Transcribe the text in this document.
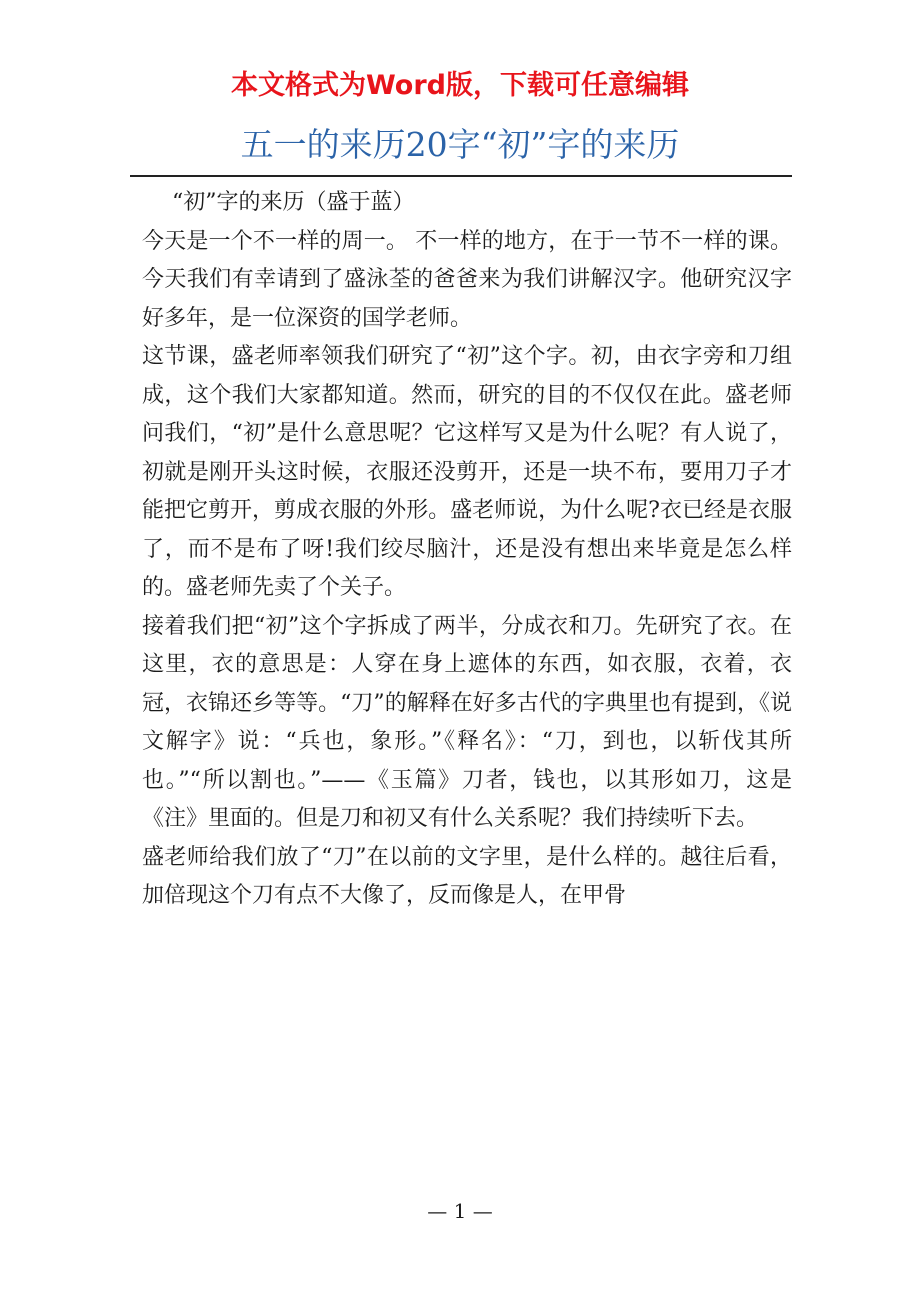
本文格式为Word版，下载可任意编辑
五一的来历20字“初”字的来历

“初”字的来历（盛于蓝）

今天是一个不一样的周一。 不一样的地方，在于一节不一样的课。今天我们有幸请到了盛泳荃的爸爸来为我们讲解汉字。他研究汉字好多年，是一位深资的国学老师。

这节课，盛老师率领我们研究了“初”这个字。初，由衣字旁和刀组成，这个我们大家都知道。然而，研究的目的不仅仅在此。盛老师问我们，“初”是什么意思呢？它这样写又是为什么呢？有人说了，初就是刚开头这时候，衣服还没剪开，还是一块不布，要用刀子才能把它剪开，剪成衣服的外形。盛老师说，为什么呢?衣已经是衣服了，而不是布了呀!我们绞尽脑汁，还是没有想出来毕竟是怎么样的。盛老师先卖了个关子。

接着我们把“初”这个字拆成了两半，分成衣和刀。先研究了衣。在这里，衣的意思是：人穿在身上遮体的东西，如衣服，衣着，衣冠，衣锦还乡等等。“刀”的解释在好多古代的字典里也有提到，《说文解字》说：“兵也，象形。”《释名》：“刀，到也，以斩伐其所也。”“所以割也。”——《玉篇》刀者，钱也，以其形如刀，这是《注》里面的。但是刀和初又有什么关系呢？我们持续听下去。

盛老师给我们放了“刀”在以前的文字里，是什么样的。越往后看，加倍现这个刀有点不大像了，反而像是人，在甲骨

— 1 —
